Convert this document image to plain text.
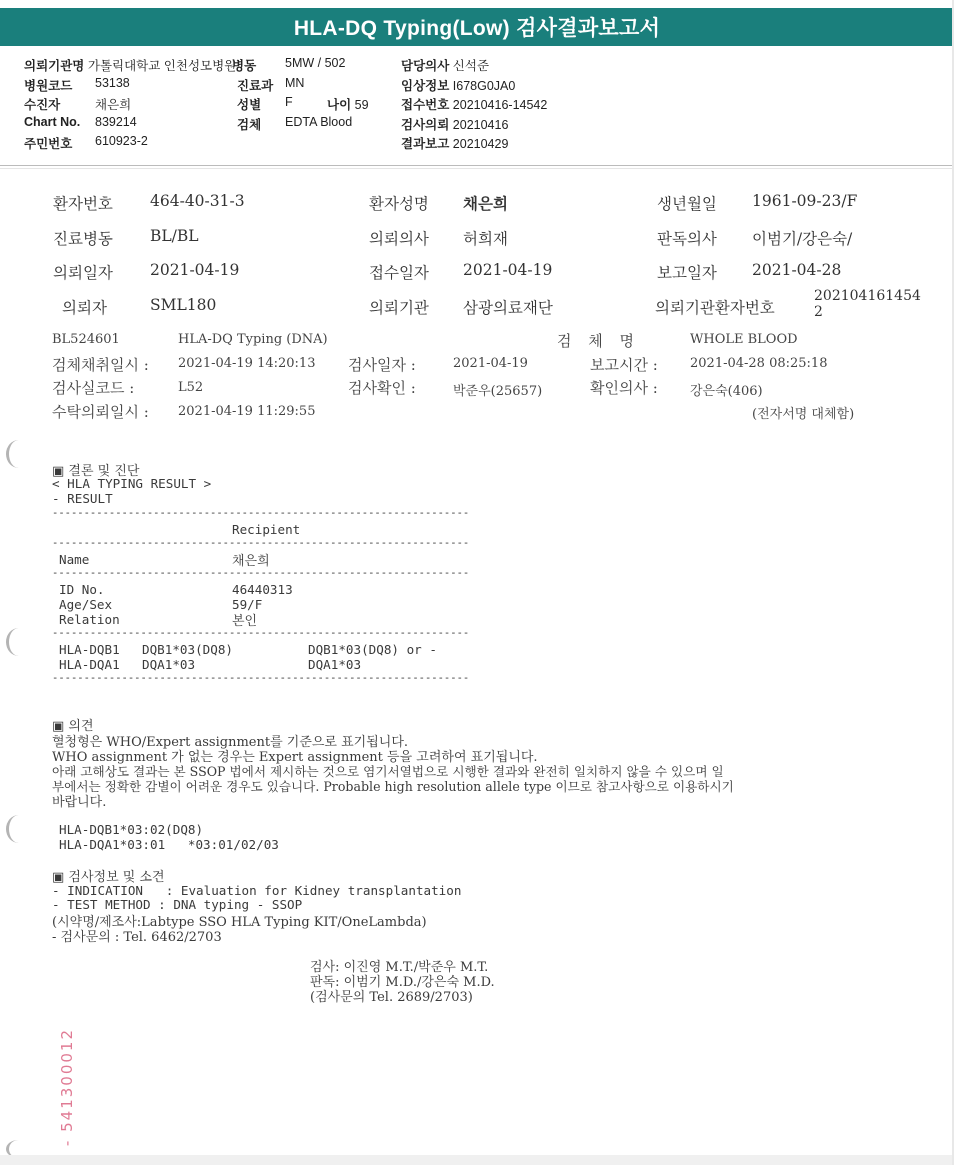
HLA-DQ Typing(Low) 검사결과보고서
의뢰기관명 가톨릭대학교 인천성모병원
병동 5MW / 502	담당의사 신석준
병원코드 53138	진료과 MN	임상정보 I678G0JA0
수진자	채은희	성별 F	나이 59	접수번호 20210416-14542
Chart No. 839214	검체 EDTA Blood	검사의뢰 20210416
주민번호 610923-2	결과보고 20210429
환자번호 464-40-31-3	환자성명 채은희	생년월일 1961-09-23/F
진료병동 BL/BL	의뢰의사 허희재	판독의사 이범기/강은숙/
의뢰일자 2021-04-19	접수일자 2021-04-19	보고일자 2021-04-28
의뢰자	SML180	의뢰기관 삼광의료재단	의뢰기관환자번호
202104161454
2
BL524601	HLA-DQ Typing (DNA)	검 체 명	WHOLE BLOOD
검체채취일시 : 2021-04-19 14:20:13 검사일자 :	2021-04-19	보고시간 : 2021-04-28 08:25:18
검사실코드 :	L52	검사확인 :	박준우(25657)	확인의사 : 강은숙(406)
수탁의뢰일시 : 2021-04-19 11:29:55	(전자서명 대체함)
▣ 결론 및 진단
< HLA TYPING RESULT >
- RESULT
------------------------------------------------------------------
Recipient
------------------------------------------------------------------
Name	채은희
------------------------------------------------------------------
ID No.	46440313
Age/Sex	59/F
Relation	본인
------------------------------------------------------------------
HLA-DQB1 DQB1*03(DQ8)	DQB1*03(DQ8) or -
HLA-DQA1 DQA1*03	DQA1*03
------------------------------------------------------------------
▣ 의견
혈청형은 WHO/Expert assignment를 기준으로 표기됩니다.
WHO assignment 가 없는 경우는 Expert assignment 등을 고려하여 표기됩니다.
아래 고해상도 결과는 본 SSOP 법에서 제시하는 것으로 염기서열법으로 시행한 결과와 완전히 일치하지 않을 수 있으며 일
부에서는 정확한 감별이 어려운 경우도 있습니다. Probable high resolution allele type 이므로 참고사항으로 이용하시기
바랍니다.
HLA-DQB1*03:02(DQ8)
HLA-DQA1*03:01   *03:01/02/03
▣ 검사정보 및 소견
- INDICATION   : Evaluation for Kidney transplantation
- TEST METHOD : DNA typing - SSOP
(시약명/제조사:Labtype SSO HLA Typing KIT/OneLambda)
- 검사문의 : Tel. 6462/2703
검사: 이진영 M.T./박준우 M.T.
판독: 이범기 M.D./강은숙 M.D.
(검사문의 Tel. 2689/2703)
- 541300012
